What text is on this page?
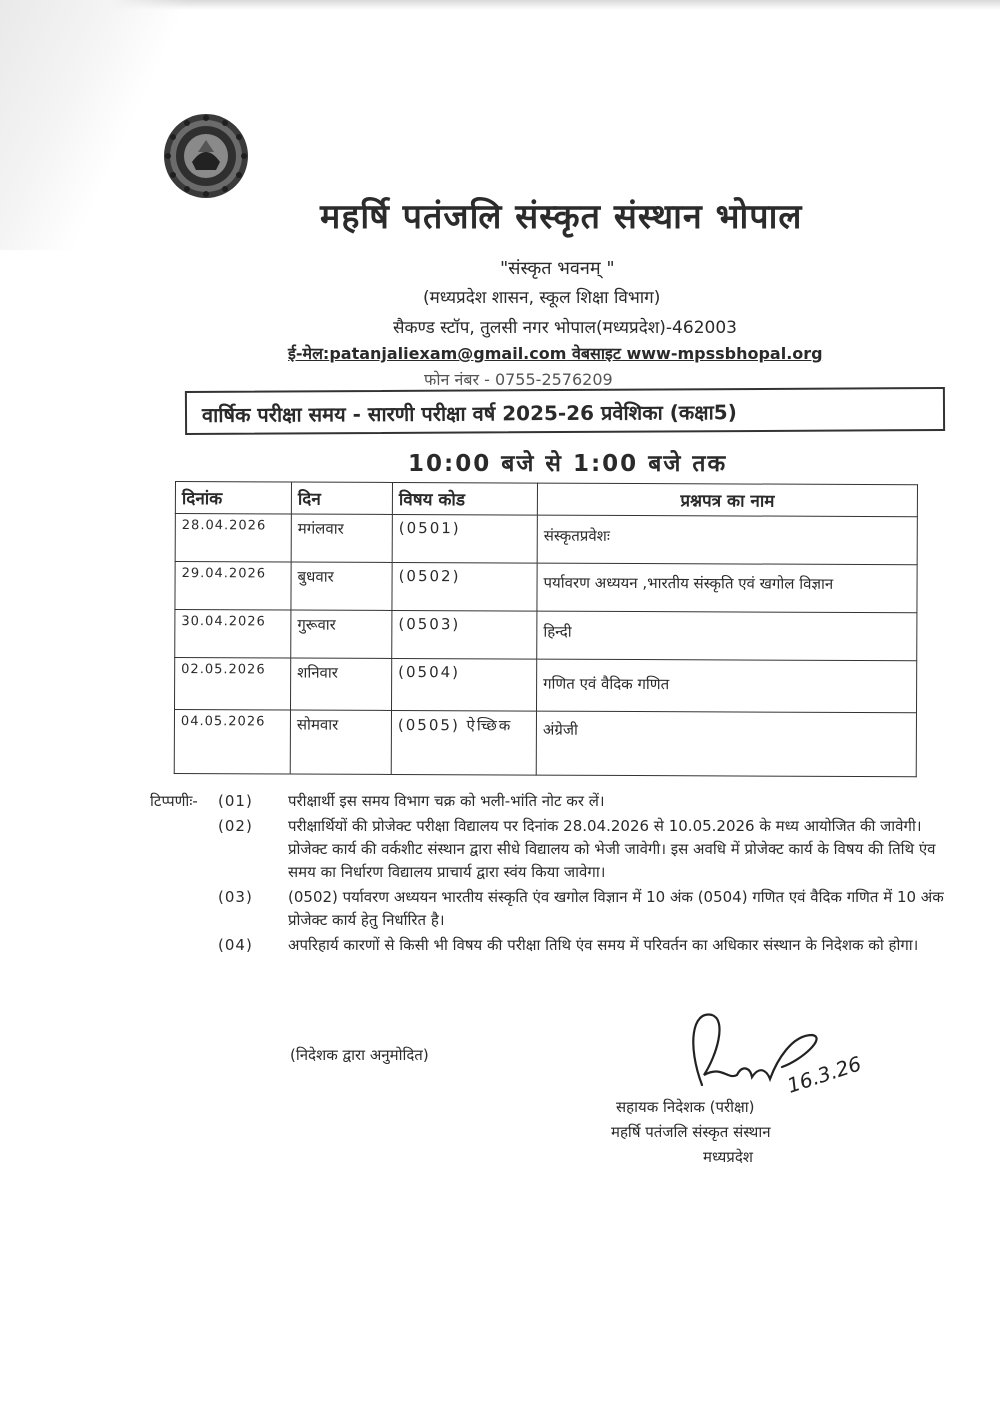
महर्षि पतंजलि संस्कृत संस्थान भोपाल
"संस्कृत भवनम् "
(मध्यप्रदेश शासन, स्कूल शिक्षा विभाग)
सैकण्ड स्टॉप, तुलसी नगर भोपाल(मध्यप्रदेश)-462003
ई-मेल:patanjaliexam@gmail.com वेबसाइट www-mpssbhopal.org
फोन नंबर - 0755-2576209
वार्षिक परीक्षा समय - सारणी परीक्षा वर्ष 2025-26 प्रवेशिका (कक्षा5)
10:00 बजे से 1:00 बजे तक
दिनांक	दिन	विषय कोड	प्रश्नपत्र का नाम
28.04.2026	मगंलवार	(0501)	संस्कृतप्रवेशः
29.04.2026	बुधवार	(0502)	पर्यावरण अध्ययन ,भारतीय संस्कृति एवं खगोल विज्ञान
30.04.2026	गुरूवार	(0503)	हिन्दी
02.05.2026	शनिवार	(0504)	गणित एवं वैदिक गणित
04.05.2026	सोमवार	(0505) ऐच्छिक	अंग्रेजी
टिप्पणीः- (01) परीक्षार्थी इस समय विभाग चक्र को भली-भांति नोट कर लें।
(02) परीक्षार्थियों की प्रोजेक्ट परीक्षा विद्यालय पर दिनांक 28.04.2026 से 10.05.2026 के मध्य आयोजित की जावेगी। प्रोजेक्ट कार्य की वर्कशीट संस्थान द्वारा सीधे विद्यालय को भेजी जावेगी। इस अवधि में प्रोजेक्ट कार्य के विषय की तिथि एंव समय का निर्धारण विद्यालय प्राचार्य द्वारा स्वंय किया जावेगा।
(03) (0502) पर्यावरण अध्ययन भारतीय संस्कृति एंव खगोल विज्ञान में 10 अंक (0504) गणित एवं वैदिक गणित में 10 अंक प्रोजेक्ट कार्य हेतु निर्धारित है।
(04) अपरिहार्य कारणों से किसी भी विषय की परीक्षा तिथि एंव समय में परिवर्तन का अधिकार संस्थान के निदेशक को होगा।
(निदेशक द्वारा अनुमोदित)	16.3.26
सहायक निदेशक (परीक्षा)
महर्षि पतंजलि संस्कृत संस्थान
मध्यप्रदेश
